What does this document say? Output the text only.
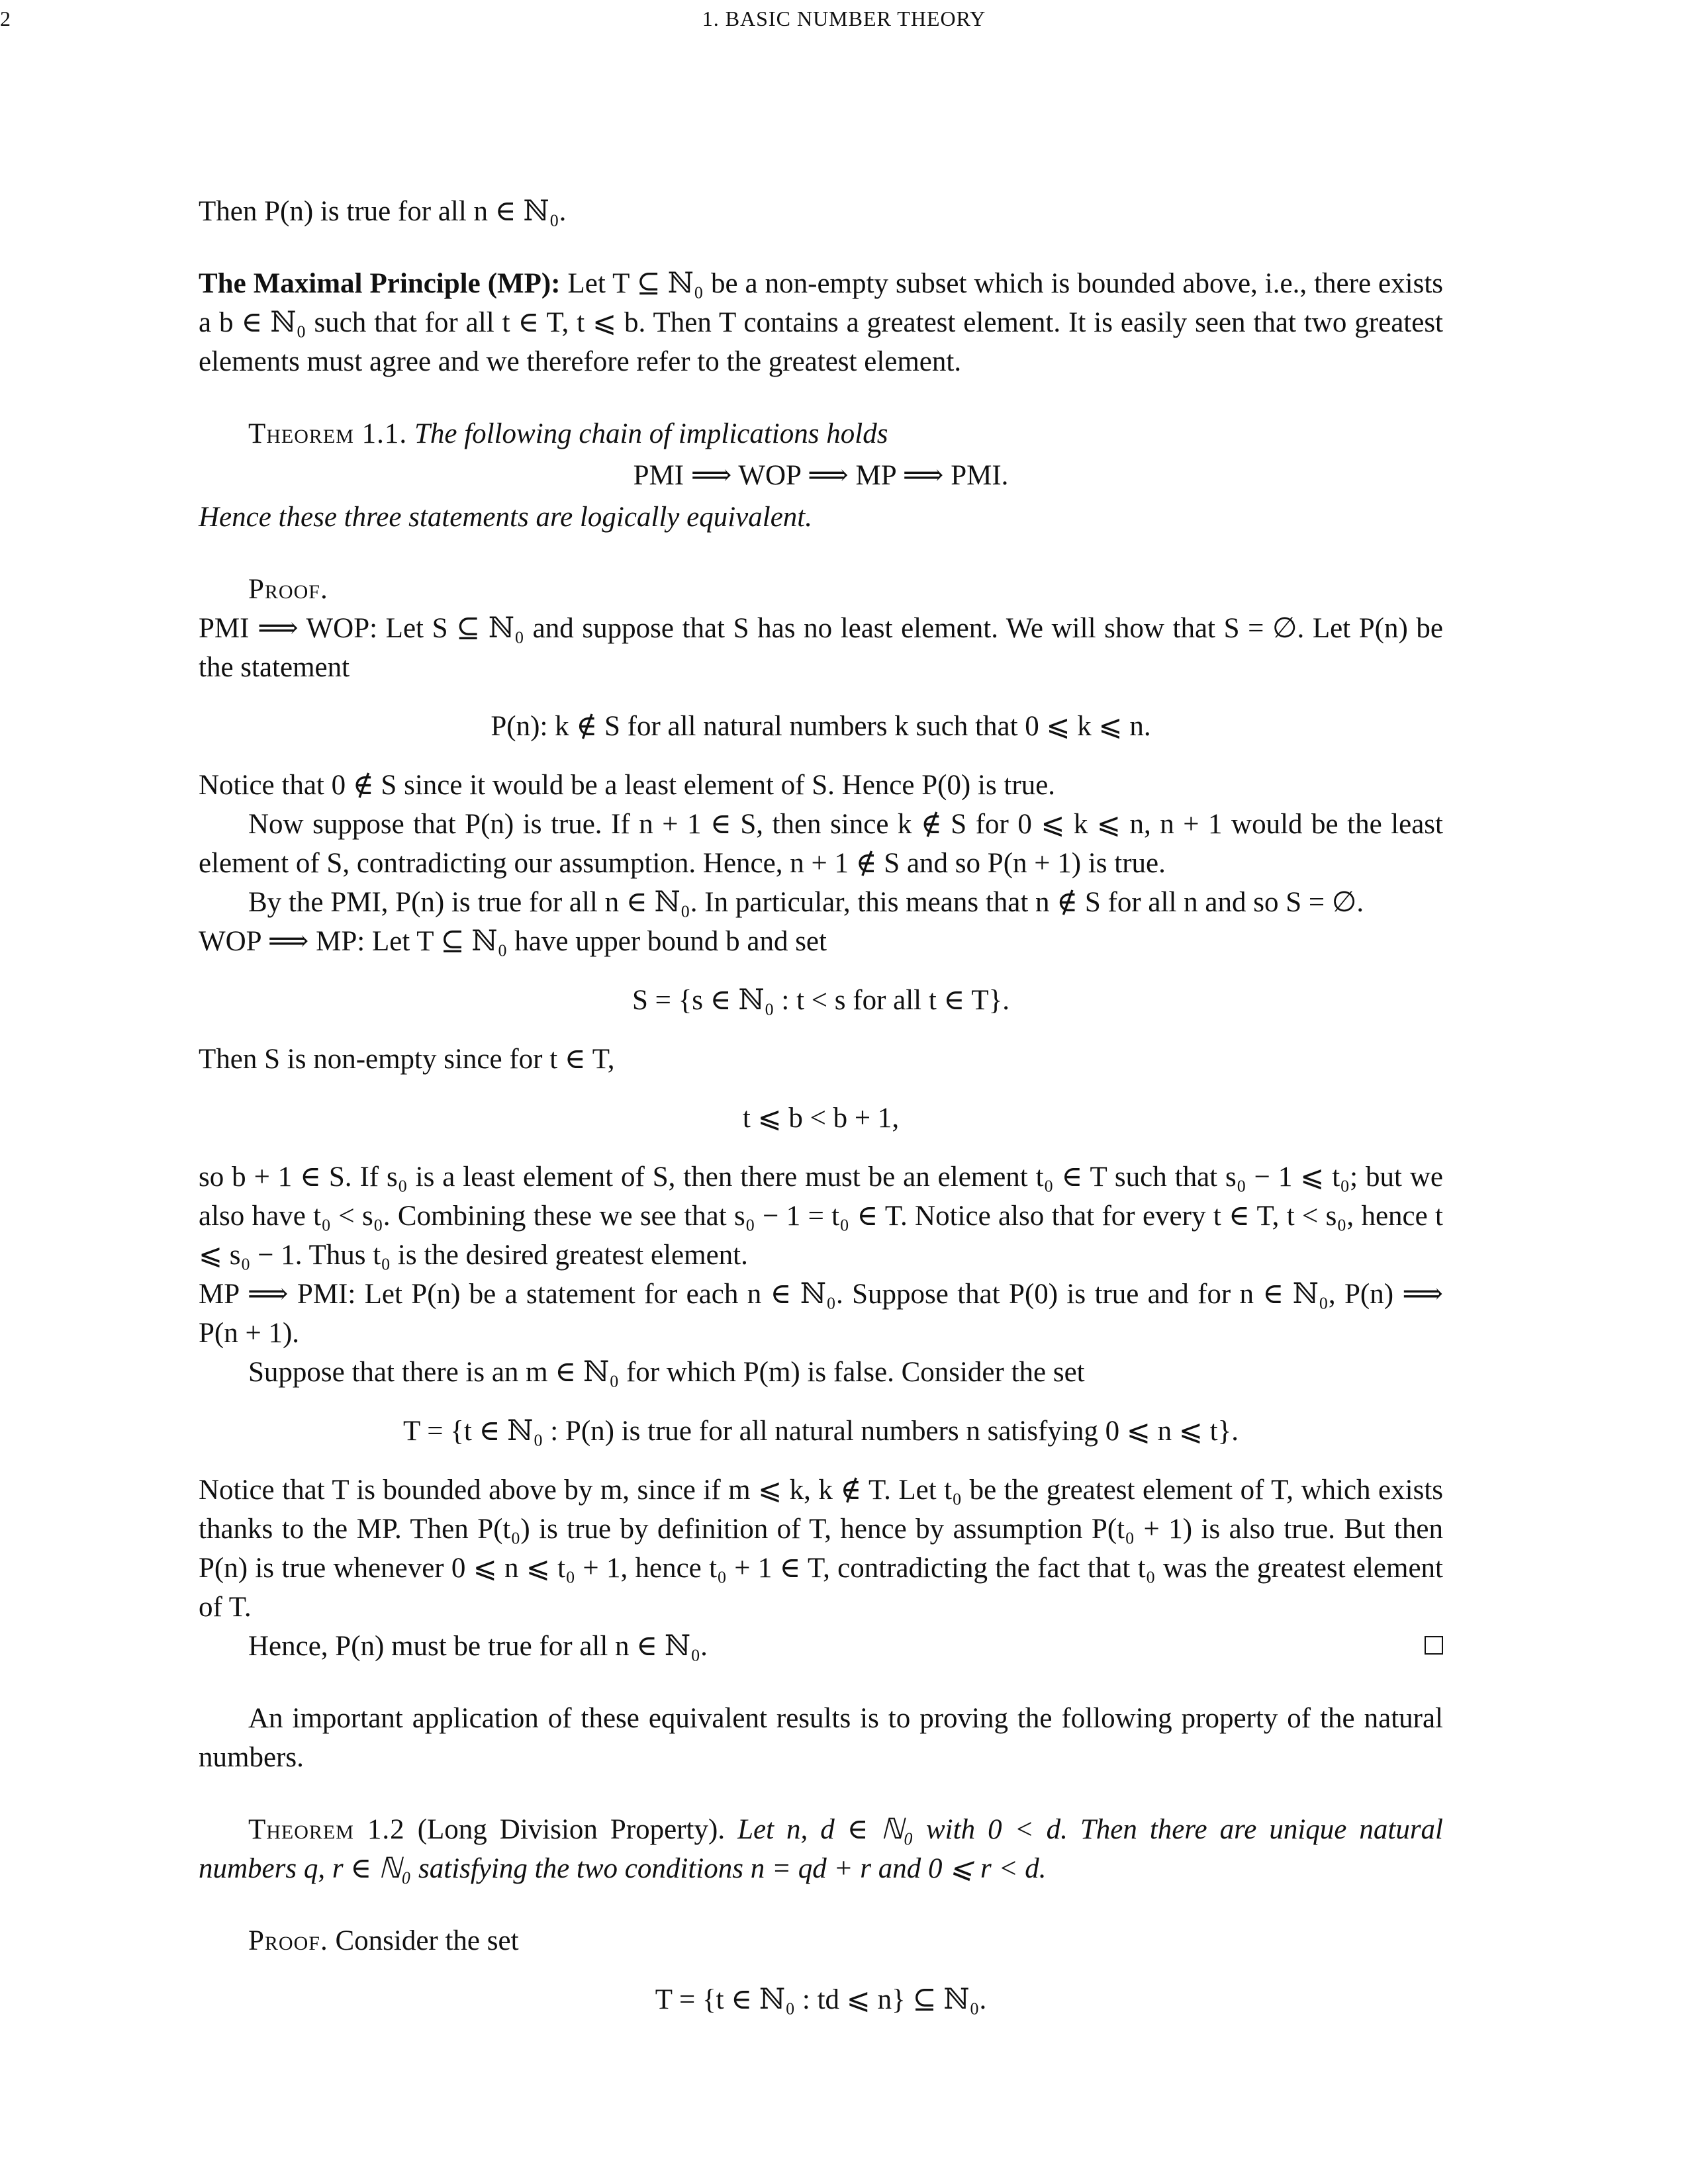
2	1. BASIC NUMBER THEORY

Then P(n) is true for all n ∈ ℕ₀.

The Maximal Principle (MP): Let T ⊆ ℕ₀ be a non-empty subset which is bounded above, i.e., there exists a b ∈ ℕ₀ such that for all t ∈ T, t ⩽ b. Then T contains a greatest element. It is easily seen that two greatest elements must agree and we therefore refer to the greatest element.

Theorem 1.1. The following chain of implications holds

PMI ⟹ WOP ⟹ MP ⟹ PMI.

Hence these three statements are logically equivalent.

Proof.

PMI ⟹ WOP: Let S ⊆ ℕ₀ and suppose that S has no least element. We will show that S = ∅. Let P(n) be the statement

P(n): k ∉ S for all natural numbers k such that 0 ⩽ k ⩽ n.

Notice that 0 ∉ S since it would be a least element of S. Hence P(0) is true.

Now suppose that P(n) is true. If n + 1 ∈ S, then since k ∉ S for 0 ⩽ k ⩽ n, n + 1 would be the least element of S, contradicting our assumption. Hence, n + 1 ∉ S and so P(n + 1) is true.

By the PMI, P(n) is true for all n ∈ ℕ₀. In particular, this means that n ∉ S for all n and so S = ∅.

WOP ⟹ MP: Let T ⊆ ℕ₀ have upper bound b and set

S = {s ∈ ℕ₀ : t < s for all t ∈ T}.

Then S is non-empty since for t ∈ T,

t ⩽ b < b + 1,

so b + 1 ∈ S. If s₀ is a least element of S, then there must be an element t₀ ∈ T such that s₀ − 1 ⩽ t₀; but we also have t₀ < s₀. Combining these we see that s₀ − 1 = t₀ ∈ T. Notice also that for every t ∈ T, t < s₀, hence t ⩽ s₀ − 1. Thus t₀ is the desired greatest element.

MP ⟹ PMI: Let P(n) be a statement for each n ∈ ℕ₀. Suppose that P(0) is true and for n ∈ ℕ₀, P(n) ⟹ P(n + 1).

Suppose that there is an m ∈ ℕ₀ for which P(m) is false. Consider the set

T = {t ∈ ℕ₀ : P(n) is true for all natural numbers n satisfying 0 ⩽ n ⩽ t}.

Notice that T is bounded above by m, since if m ⩽ k, k ∉ T. Let t₀ be the greatest element of T, which exists thanks to the MP. Then P(t₀) is true by definition of T, hence by assumption P(t₀ + 1) is also true. But then P(n) is true whenever 0 ⩽ n ⩽ t₀ + 1, hence t₀ + 1 ∈ T, contradicting the fact that t₀ was the greatest element of T.

Hence, P(n) must be true for all n ∈ ℕ₀.

An important application of these equivalent results is to proving the following property of the natural numbers.

Theorem 1.2 (Long Division Property). Let n, d ∈ ℕ₀ with 0 < d. Then there are unique natural numbers q, r ∈ ℕ₀ satisfying the two conditions n = qd + r and 0 ⩽ r < d.

Proof. Consider the set

T = {t ∈ ℕ₀ : td ⩽ n} ⊆ ℕ₀.
